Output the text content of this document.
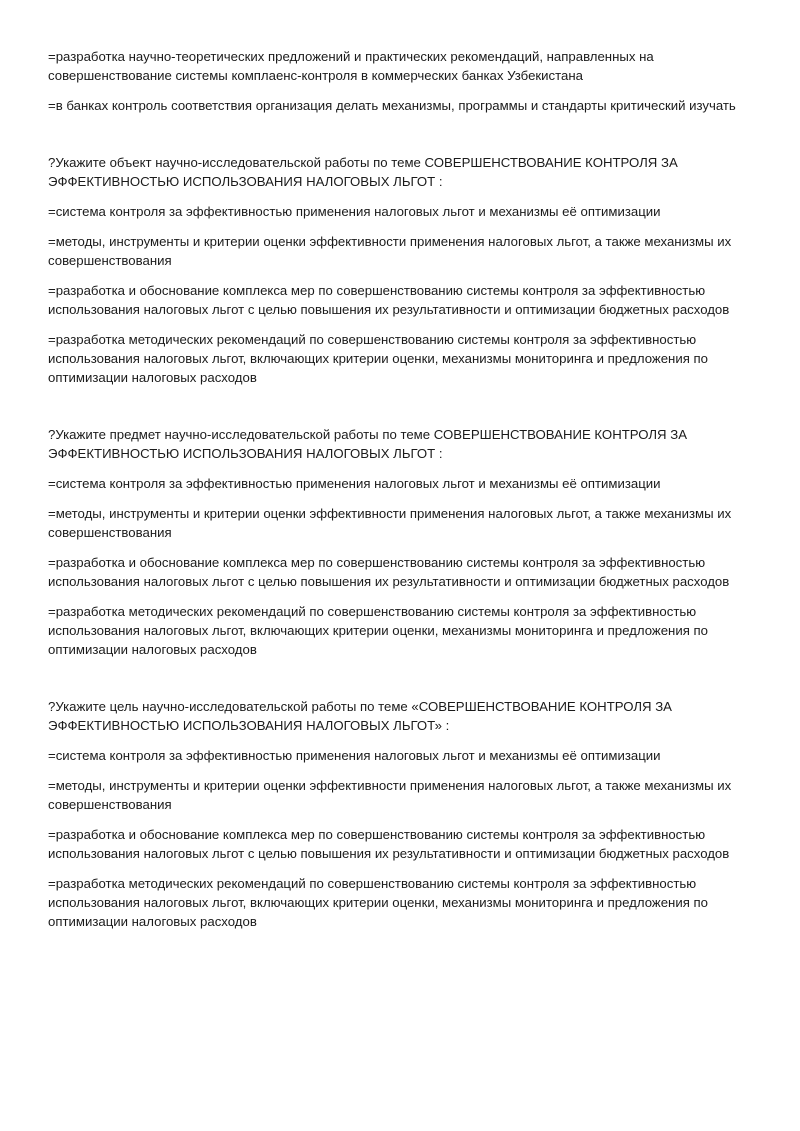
=разработка научно-теоретических предложений и практических рекомендаций, направленных на совершенствование системы комплаенс-контроля в коммерческих банках Узбекистана

=в банках контроль соответствия организация делать механизмы, программы и стандарты критический изучать

?Укажите объект научно-исследовательской работы по теме СОВЕРШЕНСТВОВАНИЕ КОНТРОЛЯ ЗА ЭФФЕКТИВНОСТЬЮ ИСПОЛЬЗОВАНИЯ НАЛОГОВЫХ ЛЬГОТ :

=система контроля за эффективностью применения налоговых льгот и механизмы её оптимизации

=методы, инструменты и критерии оценки эффективности применения налоговых льгот, а также механизмы их совершенствования

=разработка и обоснование комплекса мер по совершенствованию системы контроля за эффективностью использования налоговых льгот с целью повышения их результативности и оптимизации бюджетных расходов

=разработка методических рекомендаций по совершенствованию системы контроля за эффективностью использования налоговых льгот, включающих критерии оценки, механизмы мониторинга и предложения по оптимизации налоговых расходов

?Укажите предмет научно-исследовательской работы по теме СОВЕРШЕНСТВОВАНИЕ КОНТРОЛЯ ЗА ЭФФЕКТИВНОСТЬЮ ИСПОЛЬЗОВАНИЯ НАЛОГОВЫХ ЛЬГОТ :

=система контроля за эффективностью применения налоговых льгот и механизмы её оптимизации

=методы, инструменты и критерии оценки эффективности применения налоговых льгот, а также механизмы их совершенствования

=разработка и обоснование комплекса мер по совершенствованию системы контроля за эффективностью использования налоговых льгот с целью повышения их результативности и оптимизации бюджетных расходов

=разработка методических рекомендаций по совершенствованию системы контроля за эффективностью использования налоговых льгот, включающих критерии оценки, механизмы мониторинга и предложения по оптимизации налоговых расходов

?Укажите цель научно-исследовательской работы по теме «СОВЕРШЕНСТВОВАНИЕ КОНТРОЛЯ ЗА ЭФФЕКТИВНОСТЬЮ ИСПОЛЬЗОВАНИЯ НАЛОГОВЫХ ЛЬГОТ» :

=система контроля за эффективностью применения налоговых льгот и механизмы её оптимизации

=методы, инструменты и критерии оценки эффективности применения налоговых льгот, а также механизмы их совершенствования

=разработка и обоснование комплекса мер по совершенствованию системы контроля за эффективностью использования налоговых льгот с целью повышения их результативности и оптимизации бюджетных расходов

=разработка методических рекомендаций по совершенствованию системы контроля за эффективностью использования налоговых льгот, включающих критерии оценки, механизмы мониторинга и предложения по оптимизации налоговых расходов
